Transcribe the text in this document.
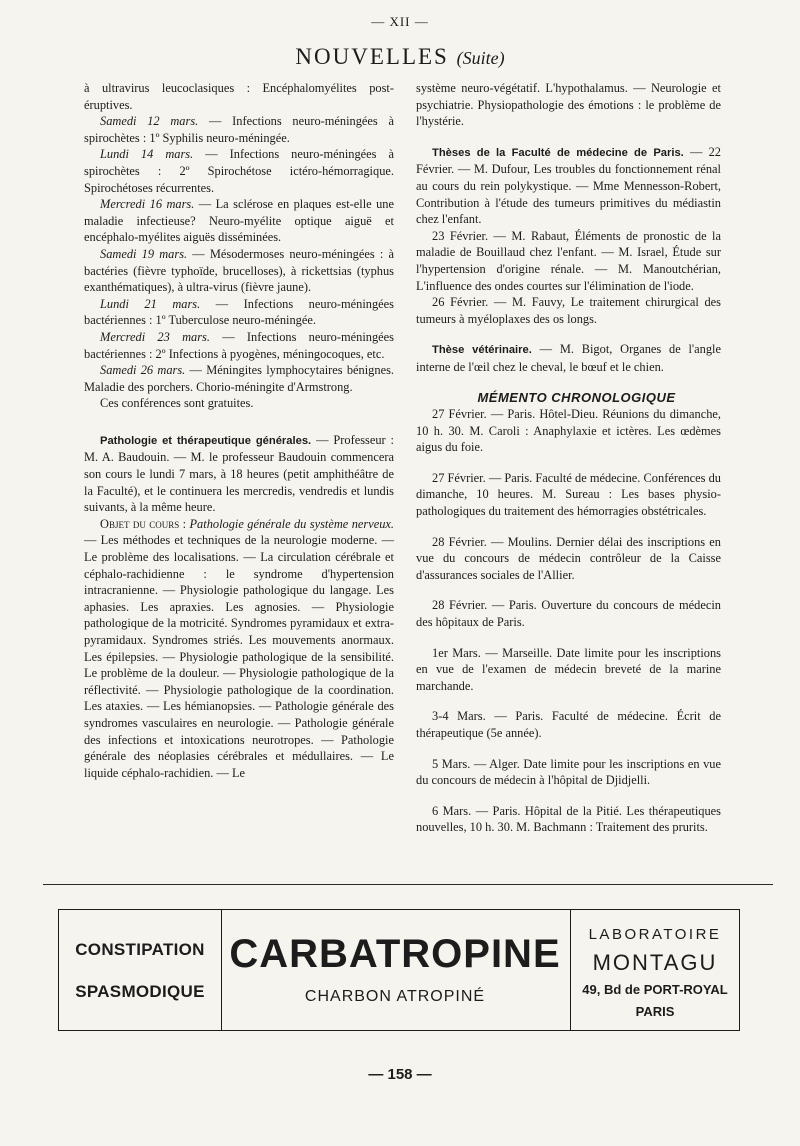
— XII —
NOUVELLES (Suite)

à ultravirus leucoclasiques : Encéphalomyélites post-éruptives.

Samedi 12 mars. — Infections neuro-méningées à spirochètes : 1º Syphilis neuro-méningée.

Lundi 14 mars. — Infections neuro-méningées à spirochètes : 2º Spirochétose ictéro-hémorragique. Spirochétoses récurrentes.

Mercredi 16 mars. — La sclérose en plaques est-elle une maladie infectieuse? Neuro-myélite optique aiguë et encéphalo-myélites aiguës disséminées.

Samedi 19 mars. — Mésodermoses neuro-méningées : à bactéries (fièvre typhoïde, brucelloses), à rickettsias (typhus exanthématiques), à ultra-virus (fièvre jaune).

Lundi 21 mars. — Infections neuro-méningées bactériennes : 1º Tuberculose neuro-méningée.

Mercredi 23 mars. — Infections neuro-méningées bactériennes : 2º Infections à pyogènes, méningocoques, etc.

Samedi 26 mars. — Méningites lymphocytaires bénignes. Maladie des porchers. Chorio-méningite d'Armstrong.

Ces conférences sont gratuites.

Pathologie et thérapeutique générales. — Professeur : M. A. Baudouin. — M. le professeur Baudouin commencera son cours le lundi 7 mars, à 18 heures (petit amphithéâtre de la Faculté), et le continuera les mercredis, vendredis et lundis suivants, à la même heure.

Objet du cours : Pathologie générale du système nerveux. — Les méthodes et techniques de la neurologie moderne. — Le problème des localisations. — La circulation cérébrale et céphalo-rachidienne : le syndrome d'hypertension intracranienne. — Physiologie pathologique du langage. Les aphasies. Les apraxies. Les agnosies. — Physiologie pathologique de la motricité. Syndromes pyramidaux et extra-pyramidaux. Syndromes striés. Les mouvements anormaux. Les épilepsies. — Physiologie pathologique de la sensibilité. Le problème de la douleur. — Physiologie pathologique de la réflectivité. — Physiologie pathologique de la coordination. Les ataxies. — Les hémianopsies. — Pathologie générale des syndromes vasculaires en neurologie. — Pathologie générale des infections et intoxications neurotropes. — Pathologie générale des néoplasies cérébrales et médullaires. — Le liquide céphalo-rachidien. — Le

système neuro-végétatif. L'hypothalamus. — Neurologie et psychiatrie. Physiopathologie des émotions : le problème de l'hystérie.

Thèses de la Faculté de médecine de Paris. — 22 Février. — M. Dufour, Les troubles du fonctionnement rénal au cours du rein polykystique. — Mme Mennesson-Robert, Contribution à l'étude des tumeurs primitives du médiastin chez l'enfant.

23 Février. — M. Rabaut, Éléments de pronostic de la maladie de Bouillaud chez l'enfant. — M. Israel, Étude sur l'hypertension d'origine rénale. — M. Manoutchérian, L'influence des ondes courtes sur l'élimination de l'iode.

26 Février. — M. Fauvy, Le traitement chirurgical des tumeurs à myéloplaxes des os longs.

Thèse vétérinaire. — M. Bigot, Organes de l'angle interne de l'œil chez le cheval, le bœuf et le chien.

MÉMENTO CHRONOLOGIQUE

27 Février. — Paris. Hôtel-Dieu. Réunions du dimanche, 10 h. 30. M. Caroli : Anaphylaxie et ictères. Les œdèmes aigus du foie.

27 Février. — Paris. Faculté de médecine. Conférences du dimanche, 10 heures. M. Sureau : Les bases physio-pathologiques du traitement des hémorragies obstétricales.

28 Février. — Moulins. Dernier délai des inscriptions en vue du concours de médecin contrôleur de la Caisse d'assurances sociales de l'Allier.

28 Février. — Paris. Ouverture du concours de médecin des hôpitaux de Paris.

1er Mars. — Marseille. Date limite pour les inscriptions en vue de l'examen de médecin breveté de la marine marchande.

3-4 Mars. — Paris. Faculté de médecine. Écrit de thérapeutique (5e année).

5 Mars. — Alger. Date limite pour les inscriptions en vue du concours de médecin à l'hôpital de Djidjelli.

6 Mars. — Paris. Hôpital de la Pitié. Les thérapeutiques nouvelles, 10 h. 30. M. Bachmann : Traitement des prurits.

CONSTIPATION
SPASMODIQUE
CARBATROPINE
CHARBON ATROPINÉ
LABORATOIRE
MONTAGU
49, Bd de PORT-ROYAL
PARIS
— 158 —
